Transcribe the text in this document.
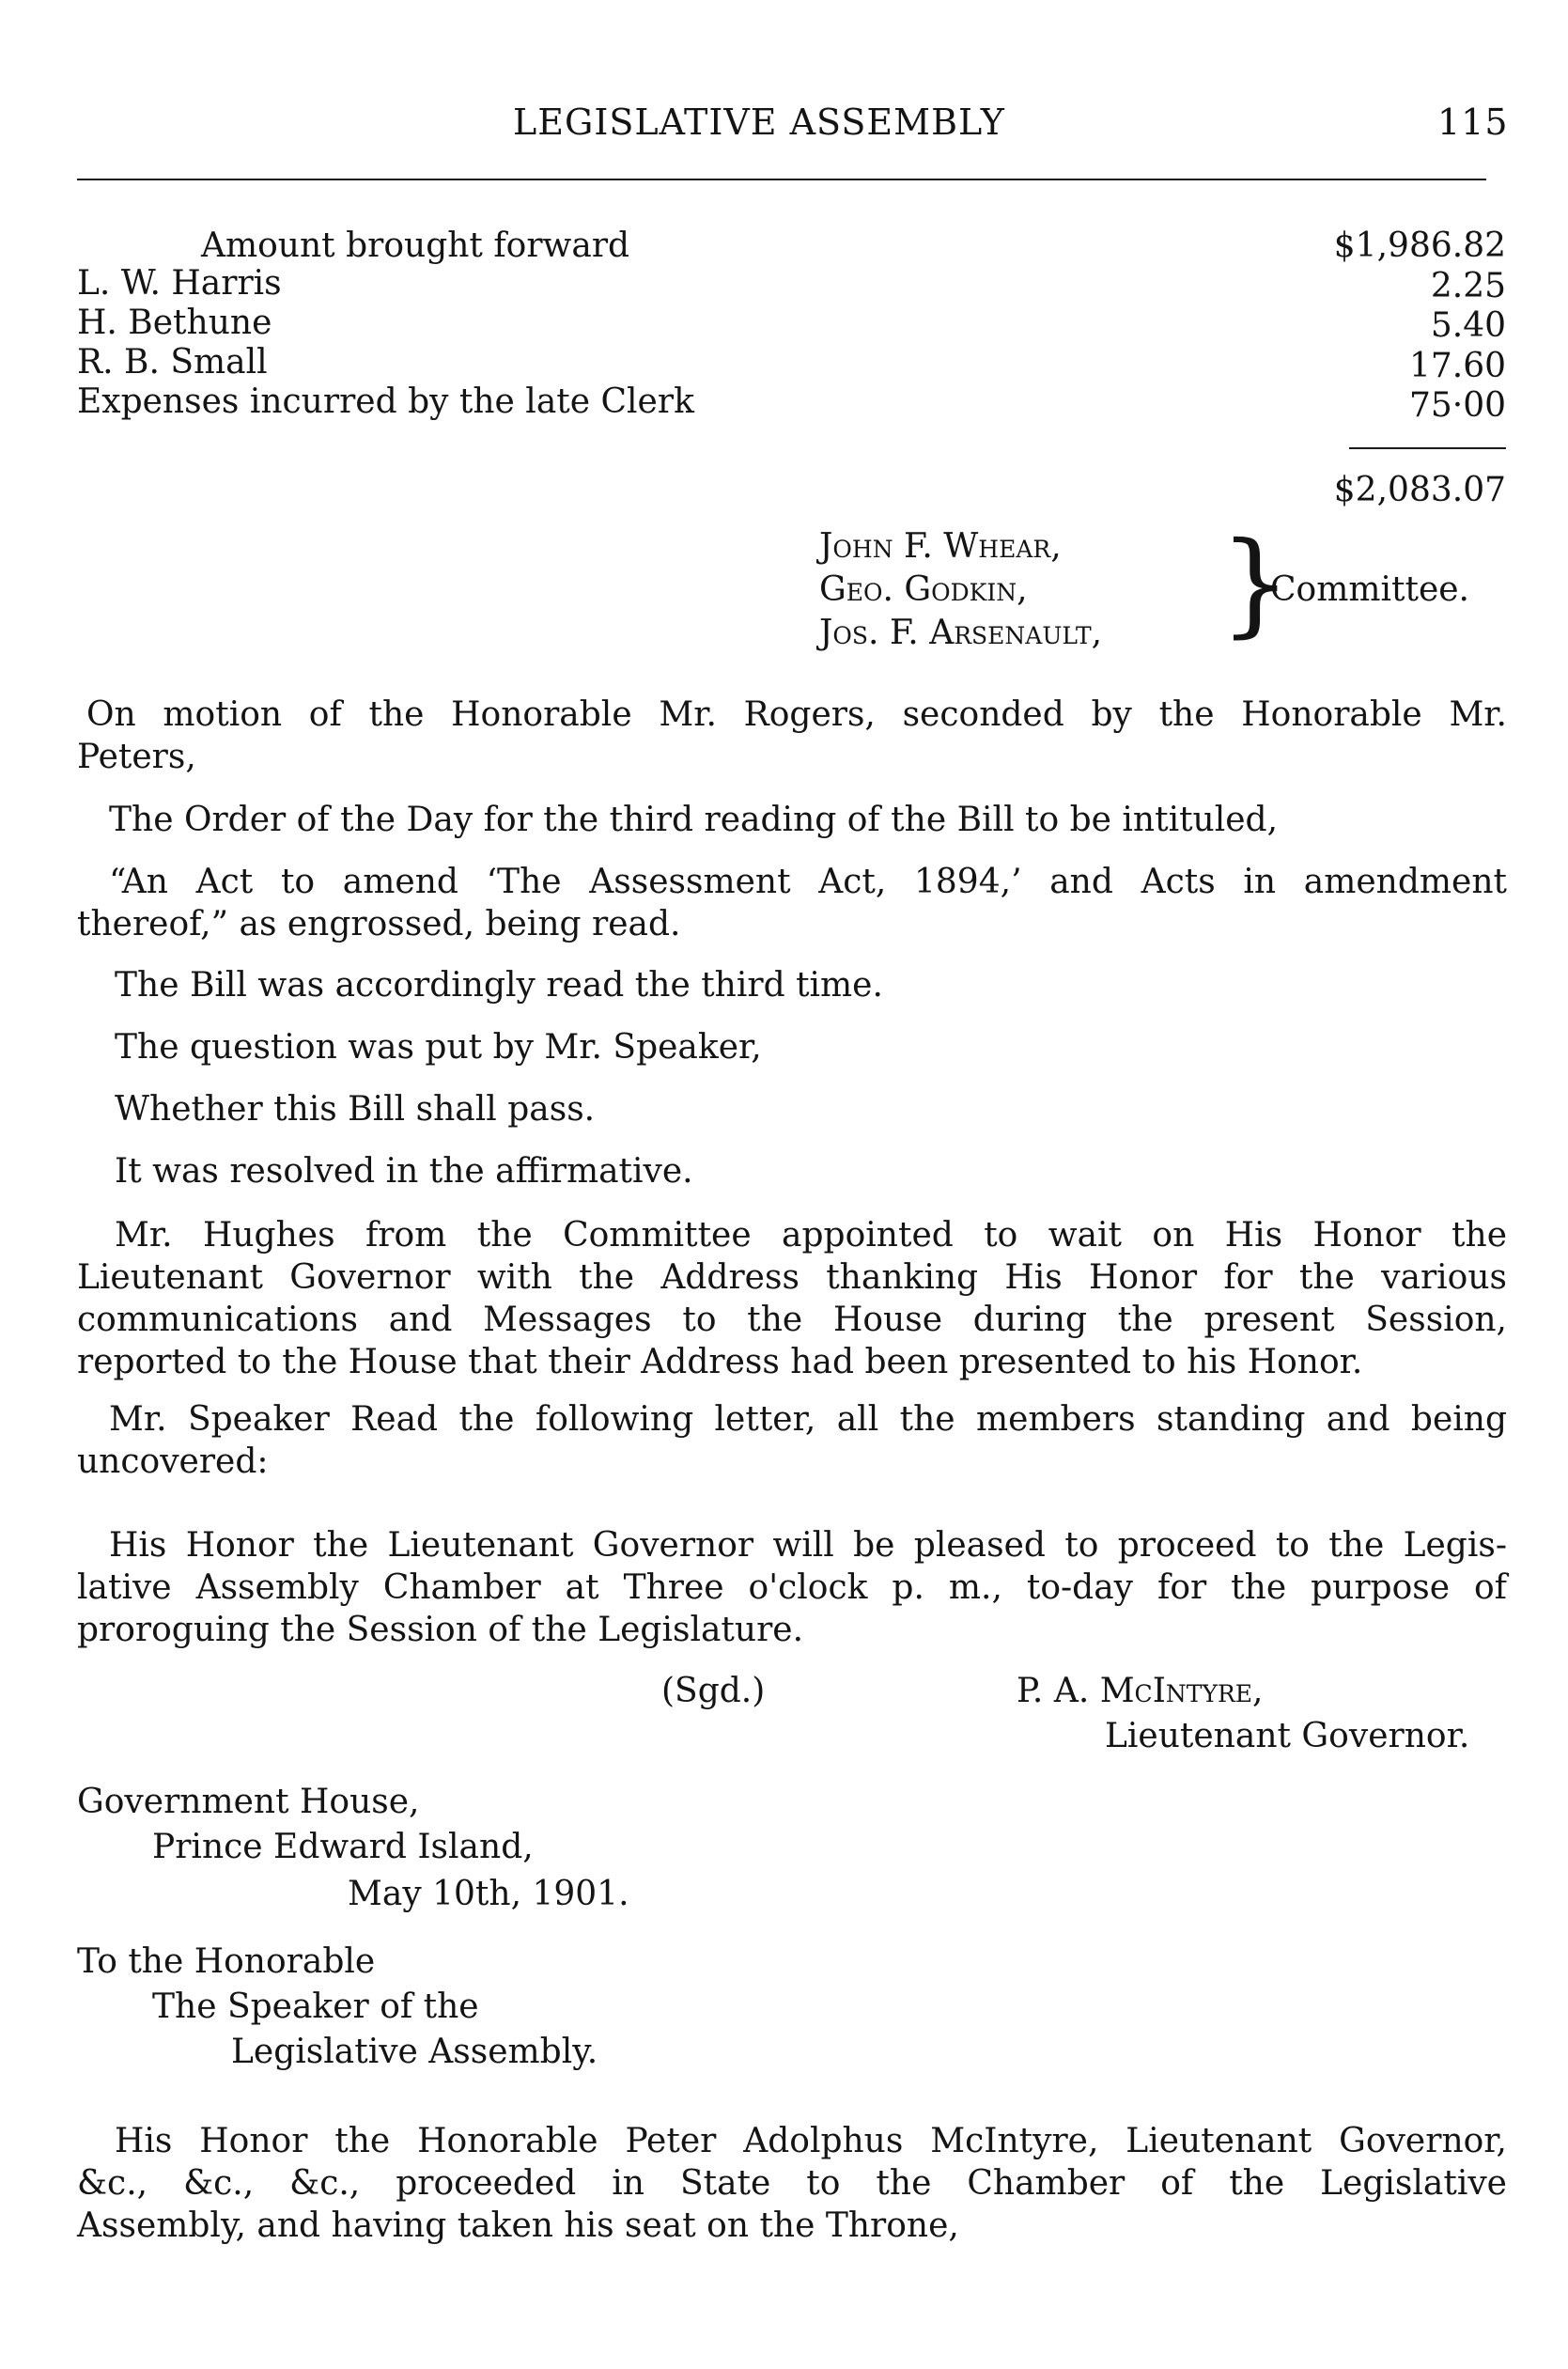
LEGISLATIVE ASSEMBLY	115
Amount brought forward	$1,986.82
L. W. Harris	2.25
H. Bethune	5.40
R. B. Small	17.60
Expenses incurred by the late Clerk	75·00
$2,083.07
John F. Whear,
Geo. Godkin,
Jos. F. Arsenault, }
Committee.
On motion of the Honorable Mr. Rogers, seconded by the Honorable Mr.
Peters,
The Order of the Day for the third reading of the Bill to be intituled,
“An Act to amend ‘The Assessment Act, 1894,’ and Acts in amendment
thereof,” as engrossed, being read.
The Bill was accordingly read the third time.
The question was put by Mr. Speaker,
Whether this Bill shall pass.
It was resolved in the affirmative.
Mr. Hughes from the Committee appointed to wait on His Honor the
Lieutenant Governor with the Address thanking His Honor for the various
communications and Messages to the House during the present Session,
reported to the House that their Address had been presented to his Honor.
Mr. Speaker Read the following letter, all the members standing and being
uncovered:
His Honor the Lieutenant Governor will be pleased to proceed to the Legis-
lative Assembly Chamber at Three o'clock p. m., to-day for the purpose of
proroguing the Session of the Legislature.
(Sgd.)	P. A. McIntyre,
Lieutenant Governor.
Government House,
Prince Edward Island,
May 10th, 1901.
To the Honorable
The Speaker of the
Legislative Assembly.
His Honor the Honorable Peter Adolphus McIntyre, Lieutenant Governor,
&c., &c., &c., proceeded in State to the Chamber of the Legislative
Assembly, and having taken his seat on the Throne,
